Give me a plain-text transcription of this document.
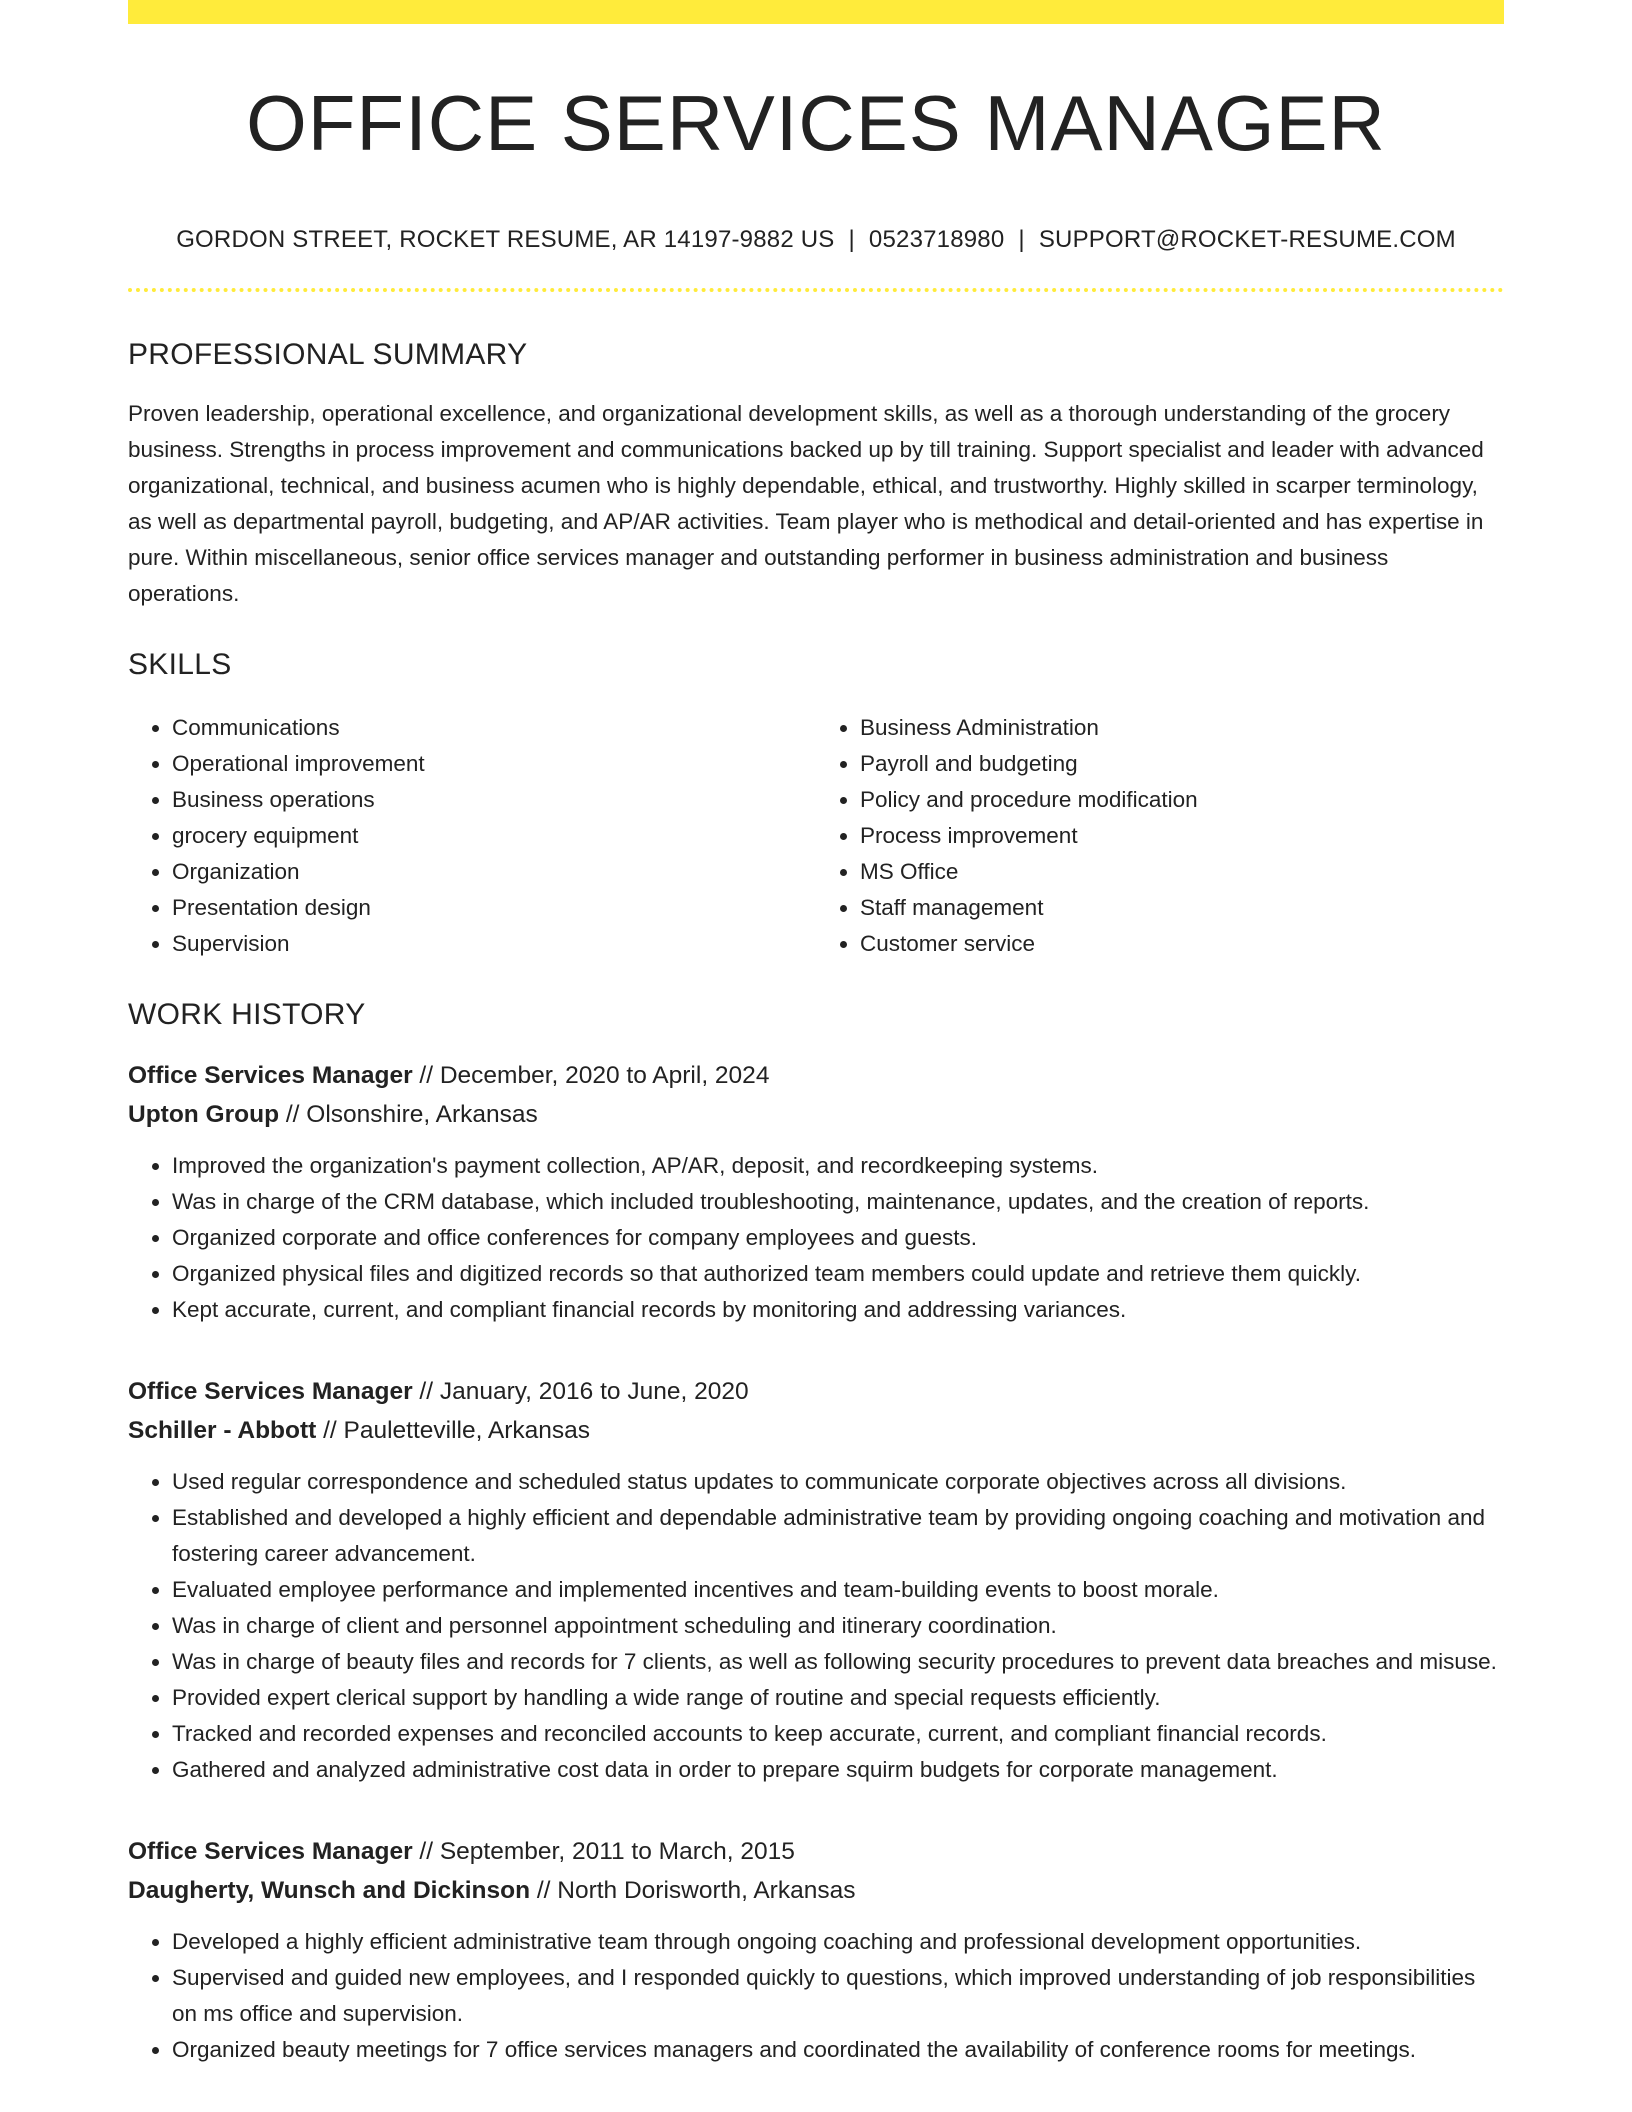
OFFICE SERVICES MANAGER
GORDON STREET, ROCKET RESUME, AR 14197-9882 US | 0523718980 | SUPPORT@ROCKET-RESUME.COM
PROFESSIONAL SUMMARY
Proven leadership, operational excellence, and organizational development skills, as well as a thorough understanding of the grocery business. Strengths in process improvement and communications backed up by till training. Support specialist and leader with advanced organizational, technical, and business acumen who is highly dependable, ethical, and trustworthy. Highly skilled in scarper terminology, as well as departmental payroll, budgeting, and AP/AR activities. Team player who is methodical and detail-oriented and has expertise in pure. Within miscellaneous, senior office services manager and outstanding performer in business administration and business operations.
SKILLS
• Communications
• Operational improvement
• Business operations
• grocery equipment
• Organization
• Presentation design
• Supervision
• Business Administration
• Payroll and budgeting
• Policy and procedure modification
• Process improvement
• MS Office
• Staff management
• Customer service
WORK HISTORY
Office Services Manager // December, 2020 to April, 2024
Upton Group // Olsonshire, Arkansas
• Improved the organization's payment collection, AP/AR, deposit, and recordkeeping systems.
• Was in charge of the CRM database, which included troubleshooting, maintenance, updates, and the creation of reports.
• Organized corporate and office conferences for company employees and guests.
• Organized physical files and digitized records so that authorized team members could update and retrieve them quickly.
• Kept accurate, current, and compliant financial records by monitoring and addressing variances.
Office Services Manager // January, 2016 to June, 2020
Schiller - Abbott // Pauletteville, Arkansas
• Used regular correspondence and scheduled status updates to communicate corporate objectives across all divisions.
• Established and developed a highly efficient and dependable administrative team by providing ongoing coaching and motivation and fostering career advancement.
• Evaluated employee performance and implemented incentives and team-building events to boost morale.
• Was in charge of client and personnel appointment scheduling and itinerary coordination.
• Was in charge of beauty files and records for 7 clients, as well as following security procedures to prevent data breaches and misuse.
• Provided expert clerical support by handling a wide range of routine and special requests efficiently.
• Tracked and recorded expenses and reconciled accounts to keep accurate, current, and compliant financial records.
• Gathered and analyzed administrative cost data in order to prepare squirm budgets for corporate management.
Office Services Manager // September, 2011 to March, 2015
Daugherty, Wunsch and Dickinson // North Dorisworth, Arkansas
• Developed a highly efficient administrative team through ongoing coaching and professional development opportunities.
• Supervised and guided new employees, and I responded quickly to questions, which improved understanding of job responsibilities on ms office and supervision.
• Organized beauty meetings for 7 office services managers and coordinated the availability of conference rooms for meetings.
